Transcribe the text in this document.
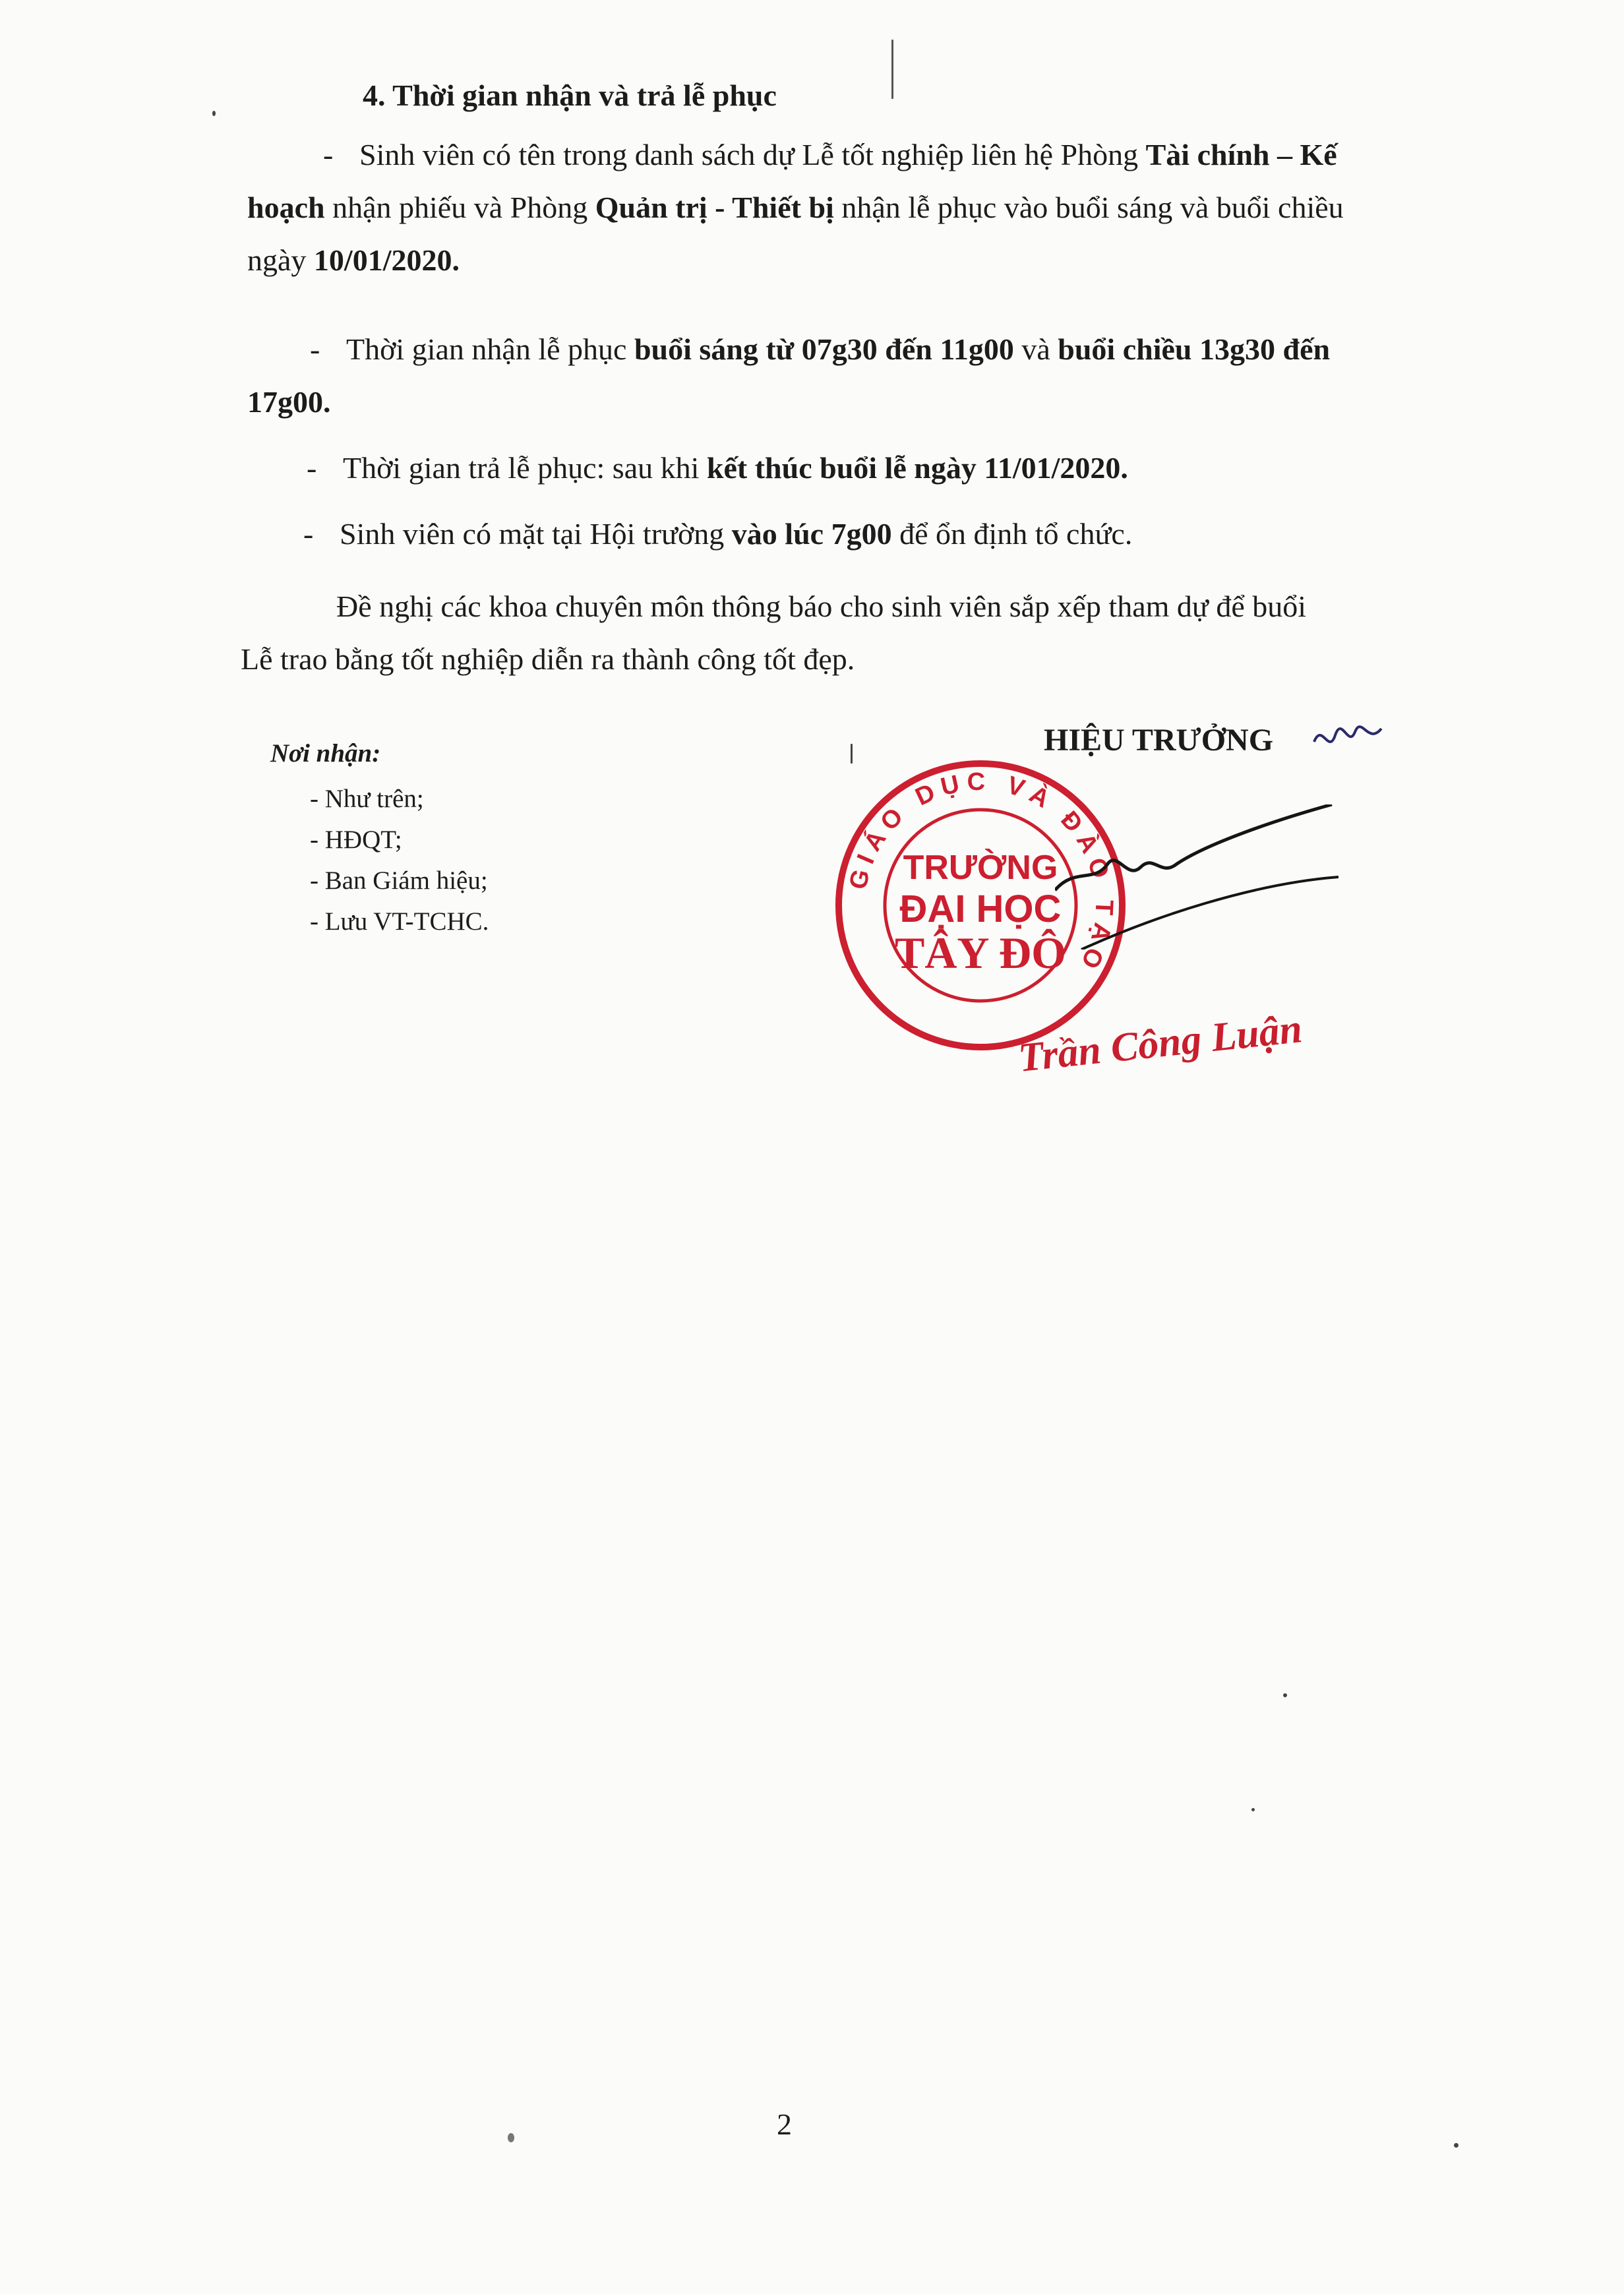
4. Thời gian nhận và trả lễ phục
-Sinh viên có tên trong danh sách dự Lễ tốt nghiệp liên hệ Phòng Tài chính – Kế
hoạch nhận phiếu và Phòng Quản trị - Thiết bị nhận lễ phục vào buổi sáng và buổi chiều
ngày 10/01/2020.
-Thời gian nhận lễ phục buổi sáng từ 07g30 đến 11g00 và buổi chiều 13g30 đến
17g00.
-Thời gian trả lễ phục: sau khi kết thúc buổi lễ ngày 11/01/2020.
-Sinh viên có mặt tại Hội trường vào lúc 7g00 để ổn định tổ chức.
Đề nghị các khoa chuyên môn thông báo cho sinh viên sắp xếp tham dự để buổi
Lễ trao bằng tốt nghiệp diễn ra thành công tốt đẹp.
Nơi nhận:
- Như trên;
- HĐQT;
- Ban Giám hiệu;
- Lưu VT-TCHC.
HIỆU TRƯỞNG
GIÁO DỤC VÀ ĐÀO TẠO
TRƯỜNG
ĐẠI HỌC
TÂY ĐÔ
Trần Công Luận
2
